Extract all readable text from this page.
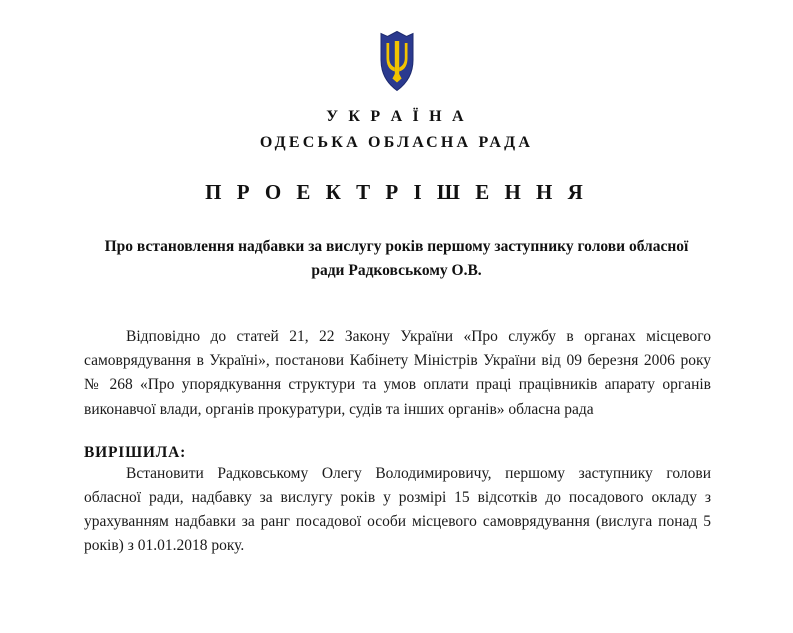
У К Р А Ї Н А
ОДЕСЬКА ОБЛАСНА РАДА
П Р О Е К Т Р І Ш Е Н Н Я
Про встановлення надбавки за вислугу років першому заступнику голови обласної ради Радковському О.В.

Відповідно до статей 21, 22 Закону України «Про службу в органах місцевого самоврядування в Україні», постанови Кабінету Міністрів України від 09 березня 2006 року № 268 «Про упорядкування структури та умов оплати праці працівників апарату органів виконавчої влади, органів прокуратури, судів та інших органів» обласна рада

ВИРІШИЛА:

Встановити Радковському Олегу Володимировичу, першому заступнику голови обласної ради, надбавку за вислугу років у розмірі 15 відсотків до посадового окладу з урахуванням надбавки за ранг посадової особи місцевого самоврядування (вислуга понад 5 років) з 01.01.2018 року.
